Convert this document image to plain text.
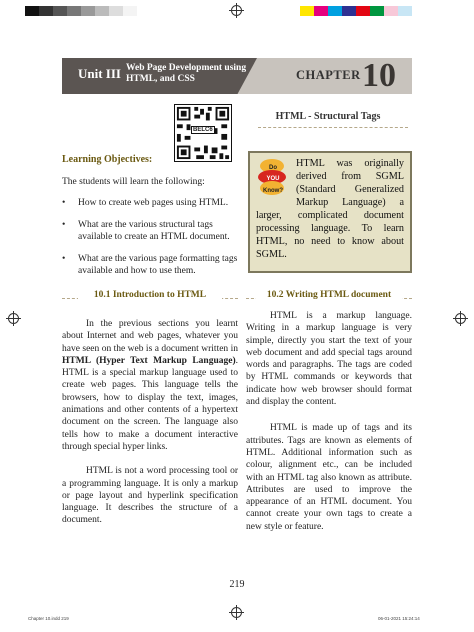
Unit III Web Page Development using HTML, and CSS	CHAPTER 10
BELC6
Learning Objectives:
The students will learn the following:
• How to create web pages using HTML.
• What are the various structural tags available to create an HTML document.
• What are the various page formatting tags available and how to use them.
HTML - Structural Tags
Do
YOU
Know?
HTML was originally derived from SGML (Standard Generalized Markup Language) a larger, complicated document processing language. To learn HTML, no need to know about SGML.
10.1 Introduction to HTML

In the previous sections you learnt about Internet and web pages, whatever you have seen on the web is a document written in HTML (Hyper Text Markup Language). HTML is a special markup language used to create web pages. This language tells the browsers, how to display the text, images, animations and other contents of a hypertext document on the screen. The language also tells how to make a document interactive through special hyper links.

HTML is not a word processing tool or a programming language. It is only a markup or page layout and hyperlink specification language. It describes the structure of a document.

10.2 Writing HTML document

HTML is a markup language. Writing in a markup language is very simple, directly you start the text of your web document and add special tags around words and paragraphs. The tags are coded by HTML commands or keywords that indicate how web browser should format and display the content.

HTML is made up of tags and its attributes. Tags are known as elements of HTML. Additional information such as colour, alignment etc., can be included with an HTML tag also known as attribute. Attributes are used to improve the appearance of an HTML document. You cannot create your own tags to create a new style or feature.

219
Chapter 10.indd 219	06-01-2021 15:24:14
